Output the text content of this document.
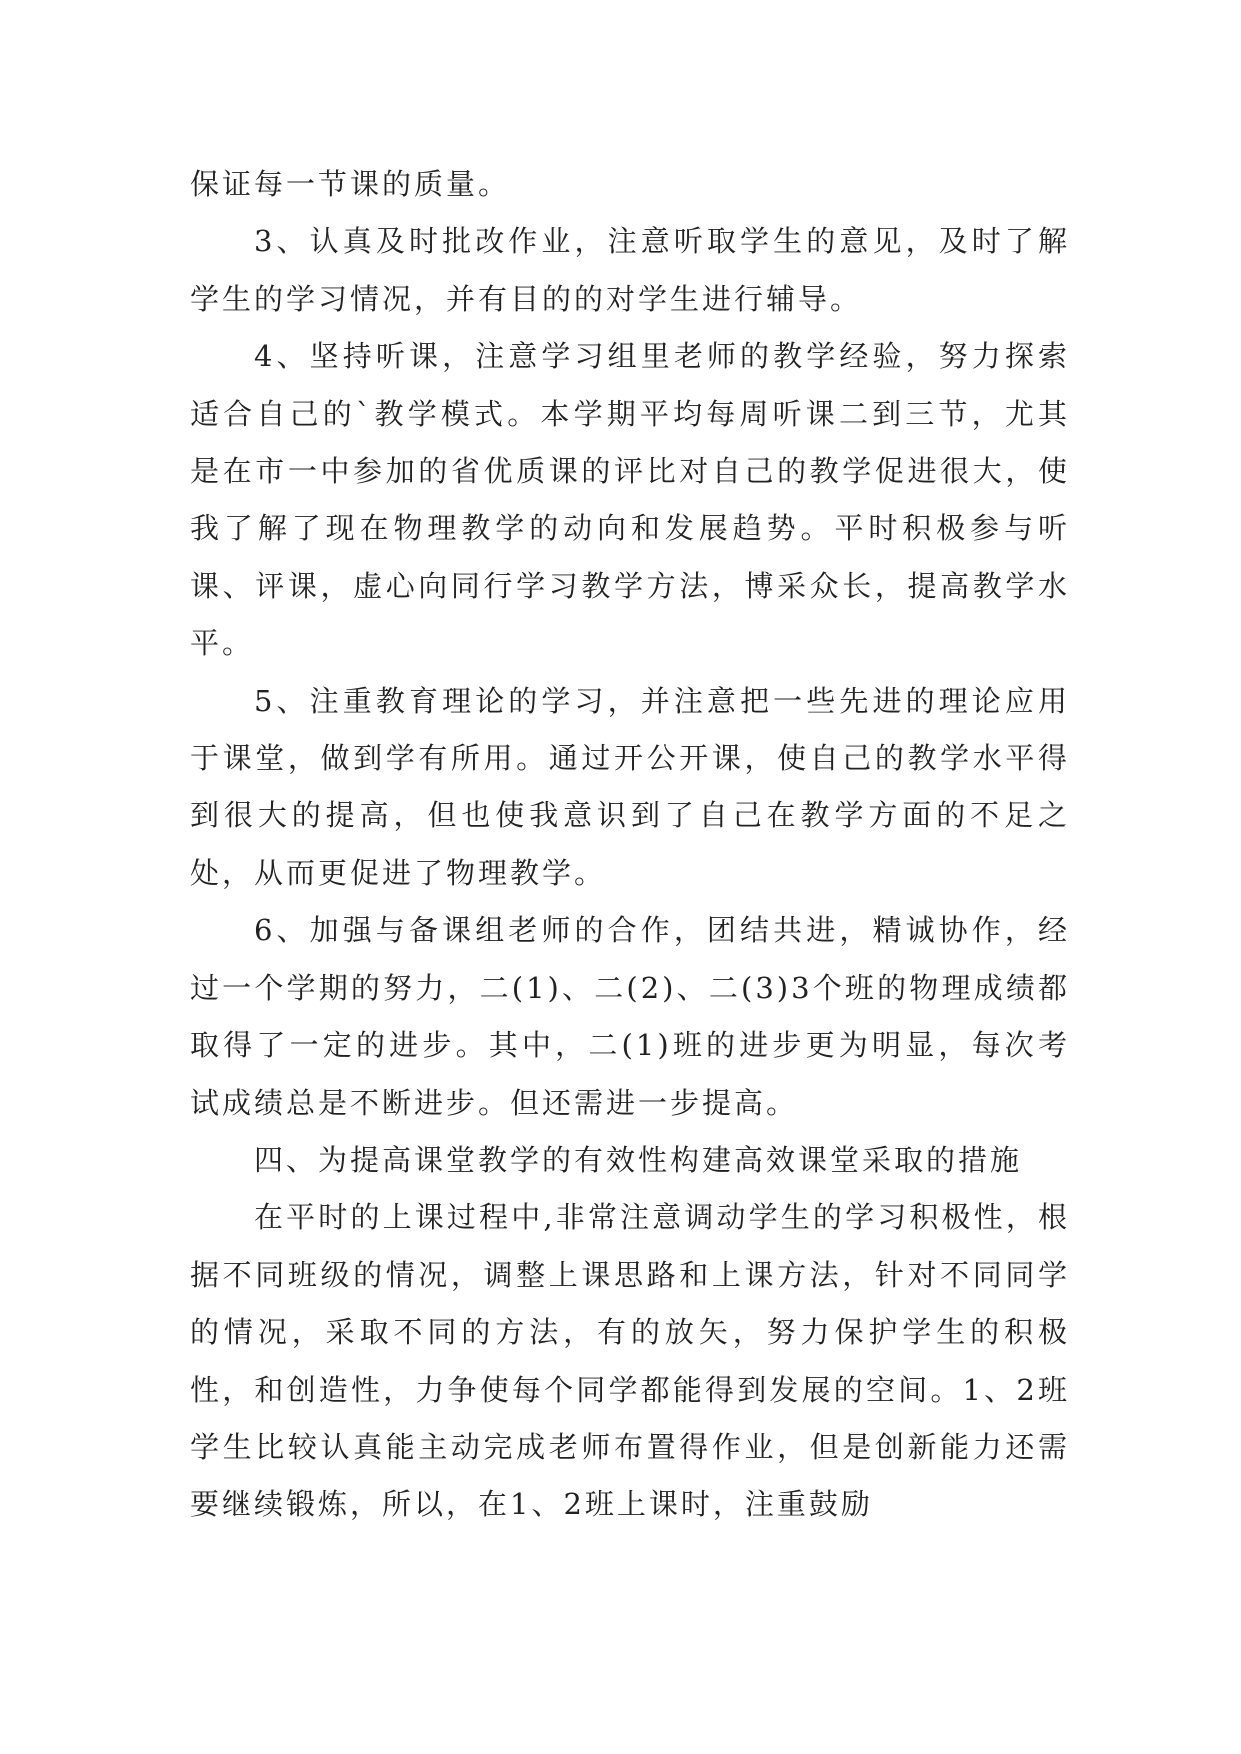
保证每一节课的质量。

3、认真及时批改作业，注意听取学生的意见，及时了解学生的学习情况，并有目的的对学生进行辅导。

4、坚持听课，注意学习组里老师的教学经验，努力探索适合自己的`教学模式。本学期平均每周听课二到三节，尤其是在市一中参加的省优质课的评比对自己的教学促进很大，使我了解了现在物理教学的动向和发展趋势。平时积极参与听课、评课，虚心向同行学习教学方法，博采众长，提高教学水平。

5、注重教育理论的学习，并注意把一些先进的理论应用于课堂，做到学有所用。通过开公开课，使自己的教学水平得到很大的提高，但也使我意识到了自己在教学方面的不足之处，从而更促进了物理教学。

6、加强与备课组老师的合作，团结共进，精诚协作，经过一个学期的努力，二(1)、二(2)、二(3)3个班的物理成绩都取得了一定的进步。其中，二(1)班的进步更为明显，每次考试成绩总是不断进步。但还需进一步提高。

四、为提高课堂教学的有效性构建高效课堂采取的措施

在平时的上课过程中,非常注意调动学生的学习积极性，根据不同班级的情况，调整上课思路和上课方法，针对不同同学的情况，采取不同的方法，有的放矢，努力保护学生的积极性，和创造性，力争使每个同学都能得到发展的空间。1、2班学生比较认真能主动完成老师布置得作业，但是创新能力还需要继续锻炼，所以，在1、2班上课时，注重鼓励
